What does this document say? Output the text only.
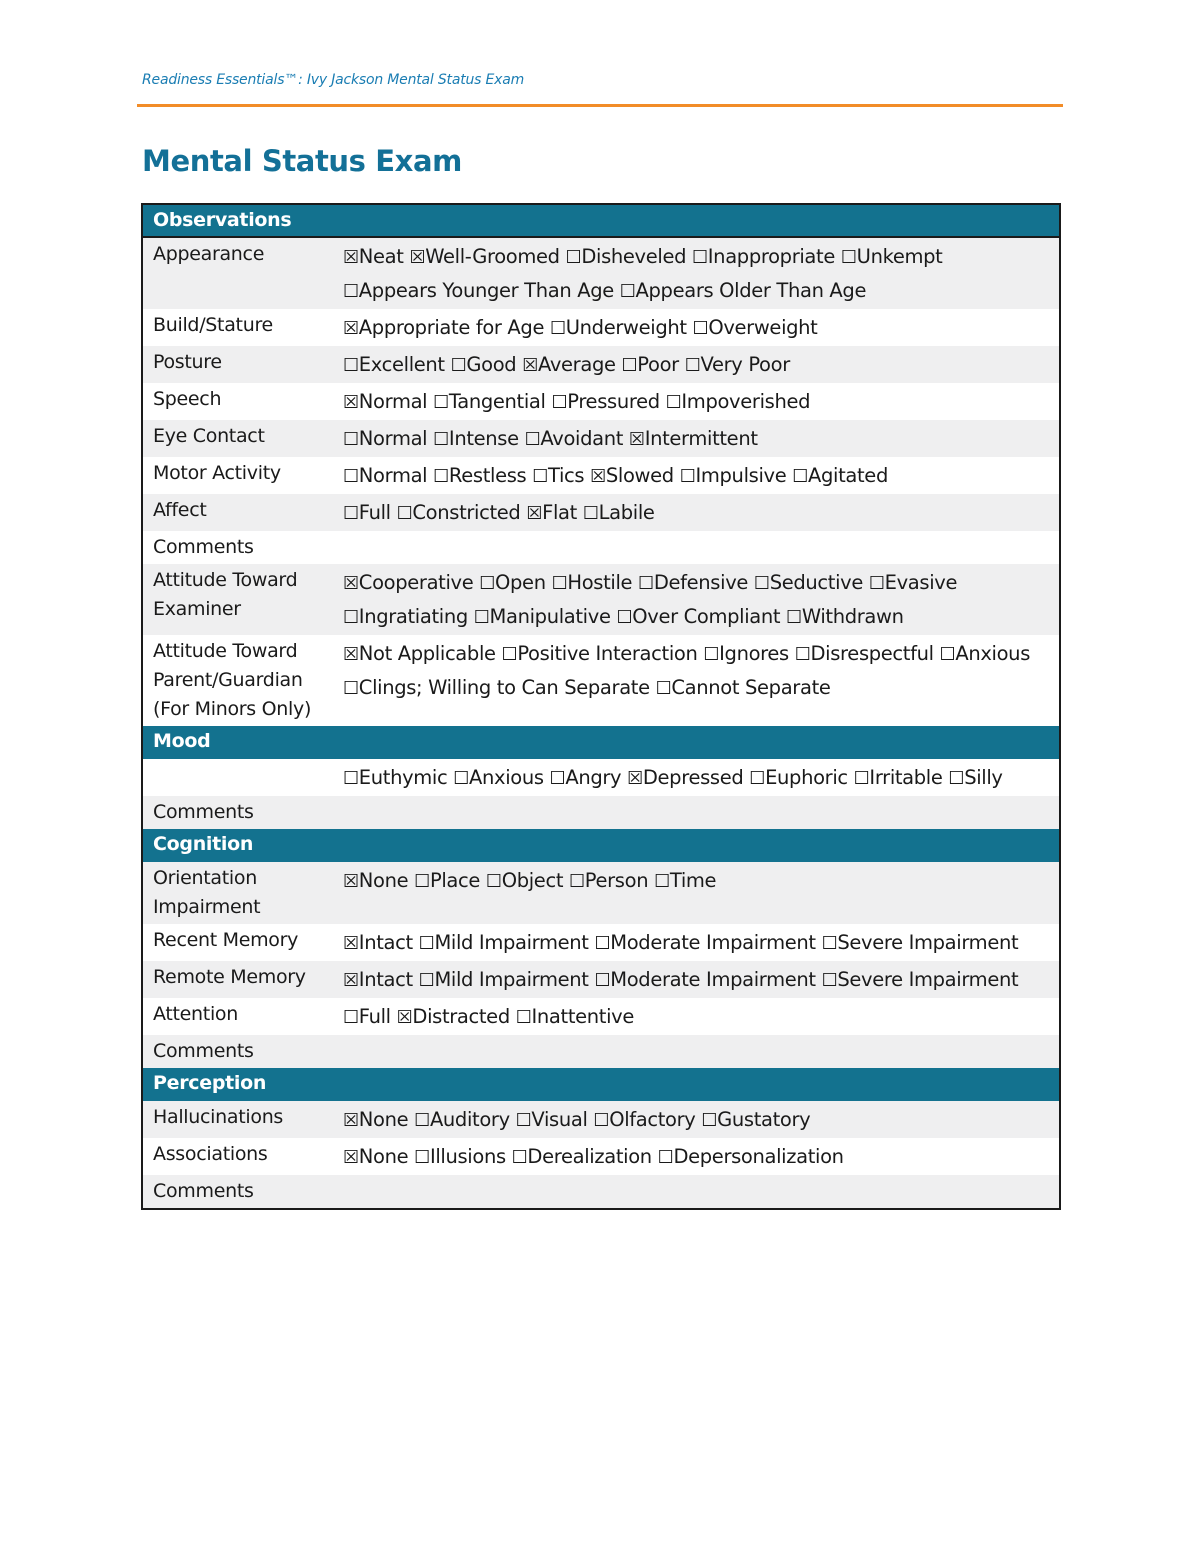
Readiness Essentials™: Ivy Jackson Mental Status Exam
Mental Status Exam
Observations	
Appearance	☒Neat ☒Well-Groomed ☐Disheveled ☐Inappropriate ☐Unkempt ☐Appears Younger Than Age ☐Appears Older Than Age
Build/Stature	☒Appropriate for Age ☐Underweight ☐Overweight
Posture	☐Excellent ☐Good ☒Average ☐Poor ☐Very Poor
Speech	☒Normal ☐Tangential ☐Pressured ☐Impoverished
Eye Contact	☐Normal ☐Intense ☐Avoidant ☒Intermittent
Motor Activity	☐Normal ☐Restless ☐Tics ☒Slowed ☐Impulsive ☐Agitated
Affect	☐Full ☐Constricted ☒Flat ☐Labile
Comments	
Attitude Toward Examiner	☒Cooperative ☐Open ☐Hostile ☐Defensive ☐Seductive ☐Evasive ☐Ingratiating ☐Manipulative ☐Over Compliant ☐Withdrawn
Attitude Toward Parent/Guardian (For Minors Only)	☒Not Applicable ☐Positive Interaction ☐Ignores ☐Disrespectful ☐Anxious ☐Clings; Willing to Can Separate ☐Cannot Separate
Mood	
	☐Euthymic ☐Anxious ☐Angry ☒Depressed ☐Euphoric ☐Irritable ☐Silly
Comments	
Cognition	
Orientation Impairment	☒None ☐Place ☐Object ☐Person ☐Time
Recent Memory	☒Intact ☐Mild Impairment ☐Moderate Impairment ☐Severe Impairment
Remote Memory	☒Intact ☐Mild Impairment ☐Moderate Impairment ☐Severe Impairment
Attention	☐Full ☒Distracted ☐Inattentive
Comments	
Perception	
Hallucinations	☒None ☐Auditory ☐Visual ☐Olfactory ☐Gustatory
Associations	☒None ☐Illusions ☐Derealization ☐Depersonalization
Comments	
